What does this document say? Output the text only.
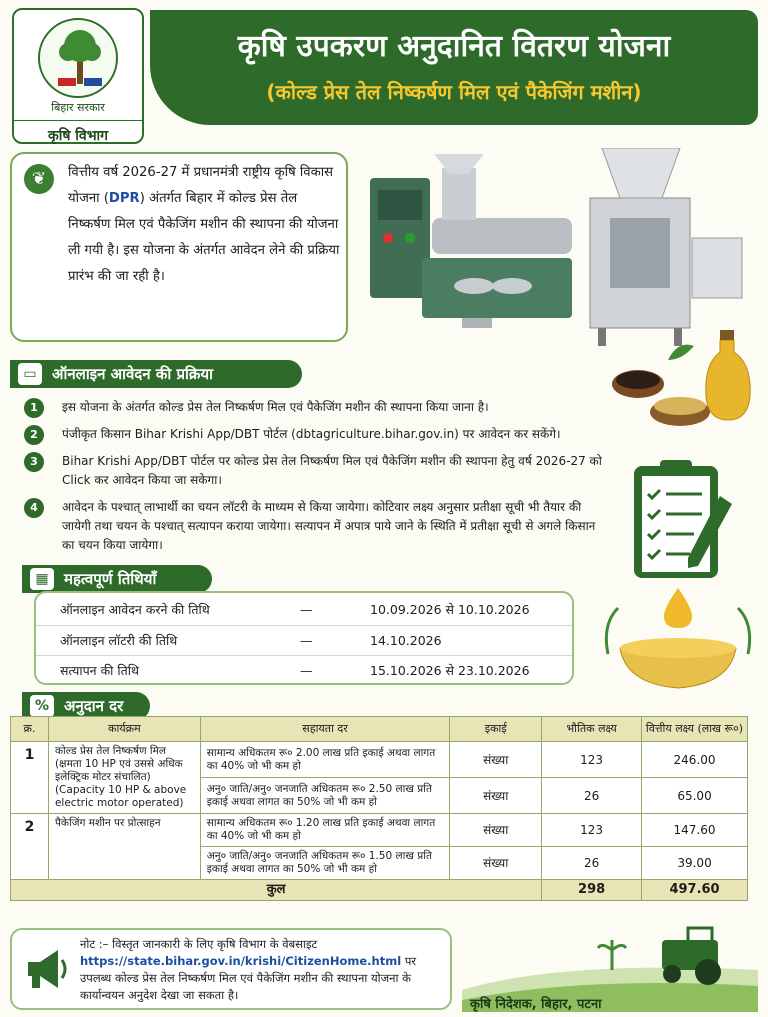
बिहार सरकार
कृषि विभाग
कृषि उपकरण अनुदानित वितरण योजना
(कोल्ड प्रेस तेल निष्कर्षण मिल एवं पैकेजिंग मशीन)
❦	वित्तीय वर्ष 2026-27 में प्रधानमंत्री राष्ट्रीय कृषि विकास योजना (DPR) अंतर्गत बिहार में कोल्ड प्रेस तेल निष्कर्षण मिल एवं पैकेजिंग मशीन की स्थापना की योजना ली गयी है। इस योजना के अंतर्गत आवेदन लेने की प्रक्रिया प्रारंभ की जा रही है।
▭	ऑनलाइन आवेदन की प्रक्रिया
1	इस योजना के अंतर्गत कोल्ड प्रेस तेल निष्कर्षण मिल एवं पैकेजिंग मशीन की स्थापना किया जाना है।
2	पंजीकृत किसान Bihar Krishi App/DBT पोर्टल (dbtagriculture.bihar.gov.in) पर आवेदन कर सकेंगे।
3	Bihar Krishi App/DBT पोर्टल पर कोल्ड प्रेस तेल निष्कर्षण मिल एवं पैकेजिंग मशीन की स्थापना हेतु वर्ष 2026-27 को Click कर आवेदन किया जा सकेगा।
4	आवेदन के पश्चात् लाभार्थी का चयन लॉटरी के माध्यम से किया जायेगा। कोटिवार लक्ष्य अनुसार प्रतीक्षा सूची भी तैयार की जायेगी तथा चयन के पश्चात् सत्यापन कराया जायेगा। सत्यापन में अपात्र पाये जाने के स्थिति में प्रतीक्षा सूची से अगले किसान का चयन किया जायेगा।
▦	महत्वपूर्ण तिथियाँ
ऑनलाइन आवेदन करने की तिथि	—	10.09.2026 से 10.10.2026
ऑनलाइन लॉटरी की तिथि	—	14.10.2026
सत्यापन की तिथि	—	15.10.2026 से 23.10.2026
% अनुदान दर
क्र.	कार्यक्रम	सहायता दर	इकाई	भौतिक लक्ष्य	वित्तीय लक्ष्य (लाख रू०)
1	कोल्ड प्रेस तेल निष्कर्षण मिल (क्षमता 10 HP एवं उससे अधिक इलेक्ट्रिक मोटर संचालित) (Capacity 10 HP & above electric motor operated)	सामान्य अधिकतम रू० 2.00 लाख प्रति इकाई अथवा लागत का 40% जो भी कम हो	संख्या	123	246.00
		अनु० जाति/अनु० जनजाति अधिकतम रू० 2.50 लाख प्रति इकाई अथवा लागत का 50% जो भी कम हो	संख्या	26	65.00
2	पैकेजिंग मशीन पर प्रोत्साहन	सामान्य अधिकतम रू० 1.20 लाख प्रति इकाई अथवा लागत का 40% जो भी कम हो	संख्या	123	147.60
		अनु० जाति/अनु० जनजाति अधिकतम रू० 1.50 लाख प्रति इकाई अथवा लागत का 50% जो भी कम हो	संख्या	26	39.00
कुल				298	497.60
नोट :– विस्तृत जानकारी के लिए कृषि विभाग के वेबसाइट
https://state.bihar.gov.in/krishi/CitizenHome.html पर उपलब्ध कोल्ड प्रेस तेल निष्कर्षण मिल एवं पैकेजिंग मशीन की स्थापना योजना के कार्यान्वयन अनुदेश देखा जा सकता है।
कृषि निदेशक, बिहार, पटना
